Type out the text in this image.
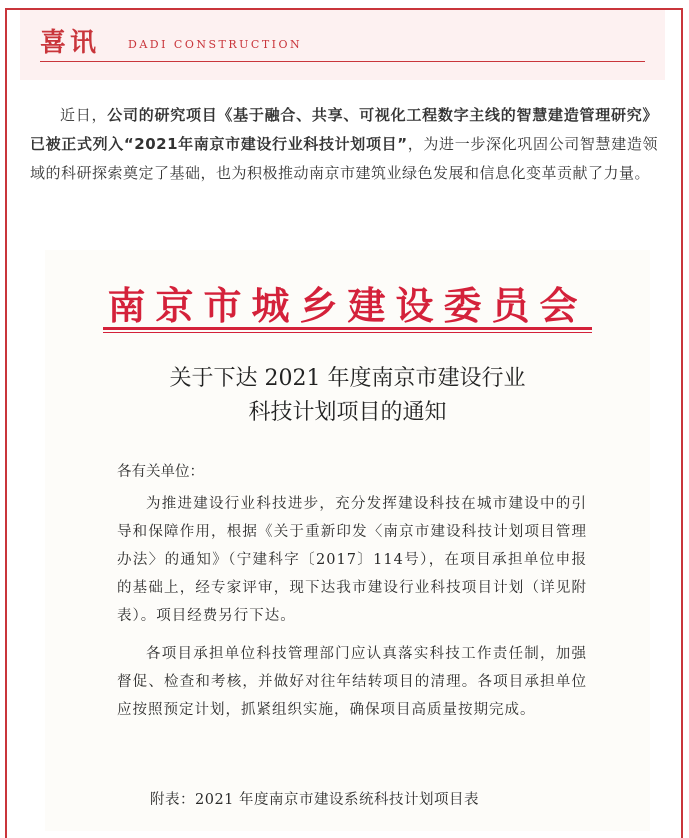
喜讯	DADI CONSTRUCTION
近日，公司的研究项目《基于融合、共享、可视化工程数字主线的智慧建造管理研究》已被正式列入“2021年南京市建设行业科技计划项目”，为进一步深化巩固公司智慧建造领域的科研探索奠定了基础，也为积极推动南京市建筑业绿色发展和信息化变革贡献了力量。
南京市城乡建设委员会
关于下达 2021 年度南京市建设行业
科技计划项目的通知
各有关单位：
为推进建设行业科技进步，充分发挥建设科技在城市建设中的引导和保障作用，根据《关于重新印发〈南京市建设科技计划项目管理办法〉的通知》（宁建科字〔2017〕114号），在项目承担单位申报的基础上，经专家评审，现下达我市建设行业科技项目计划（详见附表）。项目经费另行下达。
各项目承担单位科技管理部门应认真落实科技工作责任制，加强督促、检查和考核，并做好对往年结转项目的清理。各项目承担单位应按照预定计划，抓紧组织实施，确保项目高质量按期完成。
附表：2021 年度南京市建设系统科技计划项目表
